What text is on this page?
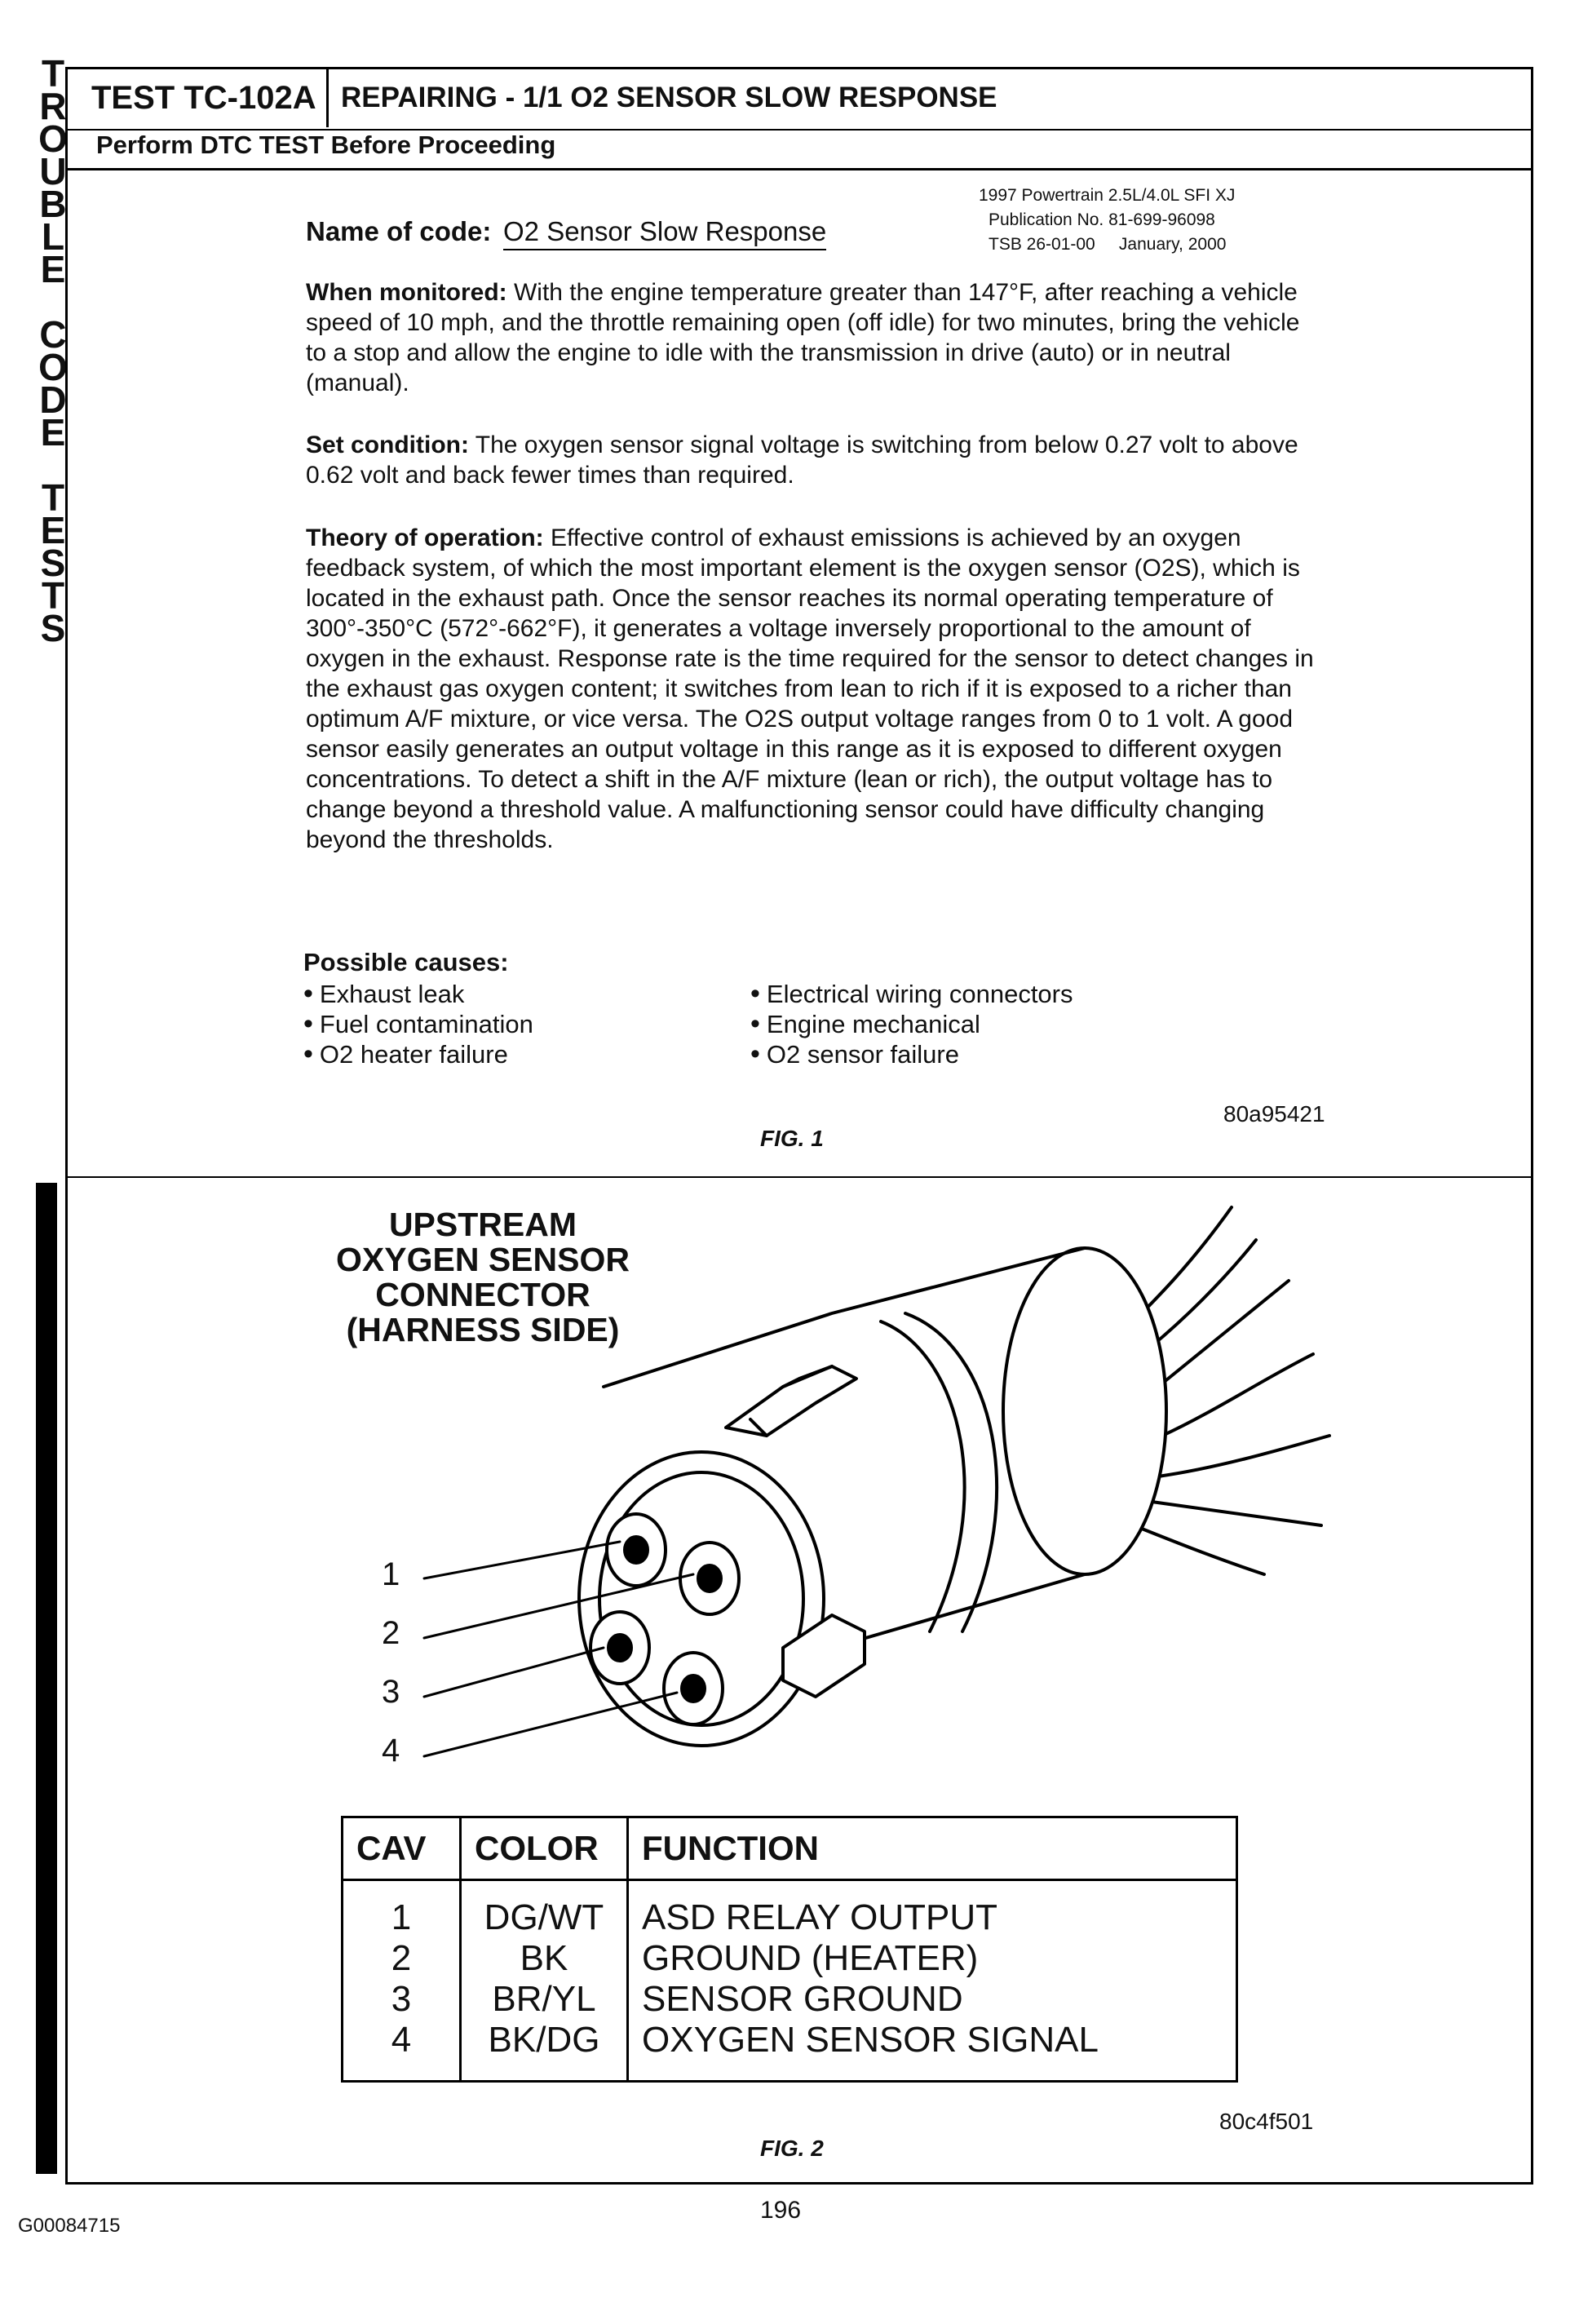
T
R
O
U
B
L
E
C
O
D
E
T
E
S
T
S
TEST TC-102A REPAIRING - 1/1 O2 SENSOR SLOW RESPONSE
Perform DTC TEST Before Proceeding
Name of code: O2 Sensor Slow Response
1997 Powertrain 2.5L/4.0L SFI XJ
Publication No. 81-699-96098
TSB 26-01-00     January, 2000
When monitored: With the engine temperature greater than 147°F, after reaching a vehicle speed of 10 mph, and the throttle remaining open (off idle) for two minutes, bring the vehicle to a stop and allow the engine to idle with the transmission in drive (auto) or in neutral (manual).
Set condition: The oxygen sensor signal voltage is switching from below 0.27 volt to above 0.62 volt and back fewer times than required.
Theory of operation: Effective control of exhaust emissions is achieved by an oxygen feedback system, of which the most important element is the oxygen sensor (O2S), which is located in the exhaust path. Once the sensor reaches its normal operating temperature of 300°-350°C (572°-662°F), it generates a voltage inversely proportional to the amount of oxygen in the exhaust. Response rate is the time required for the sensor to detect changes in the exhaust gas oxygen content; it switches from lean to rich if it is exposed to a richer than optimum A/F mixture, or vice versa. The O2S output voltage ranges from 0 to 1 volt. A good sensor easily generates an output voltage in this range as it is exposed to different oxygen concentrations. To detect a shift in the A/F mixture (lean or rich), the output voltage has to change beyond a threshold value. A malfunctioning sensor could have difficulty changing beyond the thresholds.
Possible causes:
• Exhaust leak
• Fuel contamination
• O2 heater failure
• Electrical wiring connectors
• Engine mechanical
• O2 sensor failure
80a95421
FIG. 1
UPSTREAM
OXYGEN SENSOR
CONNECTOR
(HARNESS SIDE)
1
2
3
4
CAV	COLOR	FUNCTION
1	DG/WT	ASD RELAY OUTPUT
2	BK	GROUND (HEATER)
3	BR/YL	SENSOR GROUND
4	BK/DG	OXYGEN SENSOR SIGNAL
80c4f501
FIG. 2
196
G00084715
